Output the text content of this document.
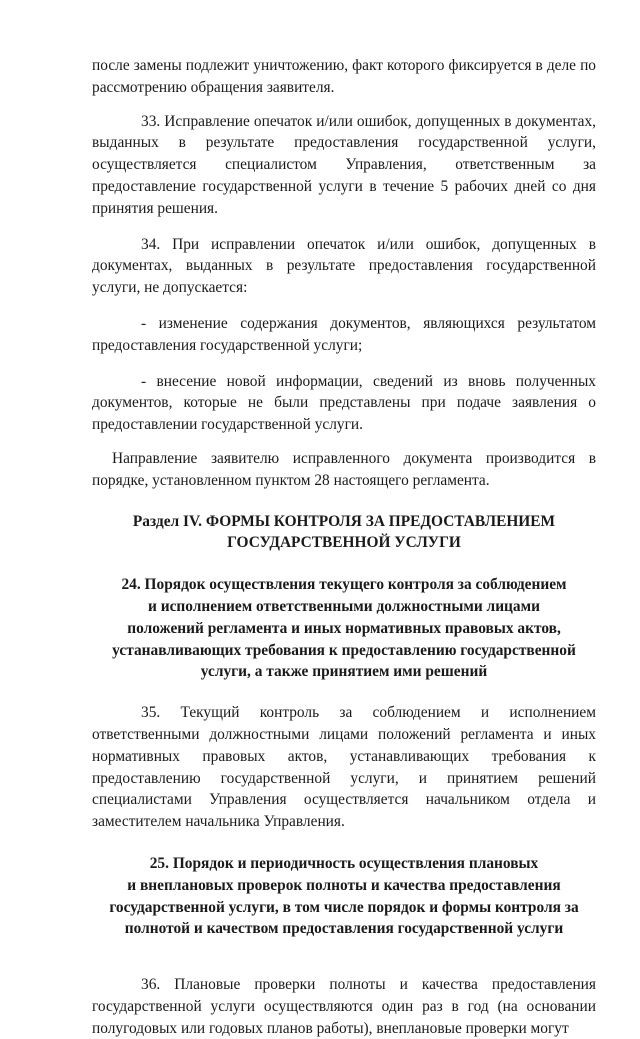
после замены подлежит уничтожению, факт которого фиксируется в деле по рассмотрению обращения заявителя.

33. Исправление опечаток и/или ошибок, допущенных в документах, выданных в результате предоставления государственной услуги, осуществляется специалистом Управления, ответственным за предоставление государственной услуги в течение 5 рабочих дней со дня принятия решения.

34. При исправлении опечаток и/или ошибок, допущенных в документах, выданных в результате предоставления государственной услуги, не допускается:

- изменение содержания документов, являющихся результатом предоставления государственной услуги;

- внесение новой информации, сведений из вновь полученных документов, которые не были представлены при подаче заявления о предоставлении государственной услуги.

Направление заявителю исправленного документа производится в порядке, установленном пунктом 28 настоящего регламента.

Раздел IV. ФОРМЫ КОНТРОЛЯ ЗА ПРЕДОСТАВЛЕНИЕМ
ГОСУДАРСТВЕННОЙ УСЛУГИ
24. Порядок осуществления текущего контроля за соблюдением
и исполнением ответственными должностными лицами
положений регламента и иных нормативных правовых актов,
устанавливающих требования к предоставлению государственной
услуги, а также принятием ими решений

35. Текущий контроль за соблюдением и исполнением ответственными должностными лицами положений регламента и иных нормативных правовых актов, устанавливающих требования к предоставлению государственной услуги, и принятием решений специалистами Управления осуществляется начальником отдела и заместителем начальника Управления.

25. Порядок и периодичность осуществления плановых
и внеплановых проверок полноты и качества предоставления
государственной услуги, в том числе порядок и формы контроля за
полнотой и качеством предоставления государственной услуги

36. Плановые проверки полноты и качества предоставления государственной услуги осуществляются один раз в год (на основании полугодовых или годовых планов работы), внеплановые проверки могут
